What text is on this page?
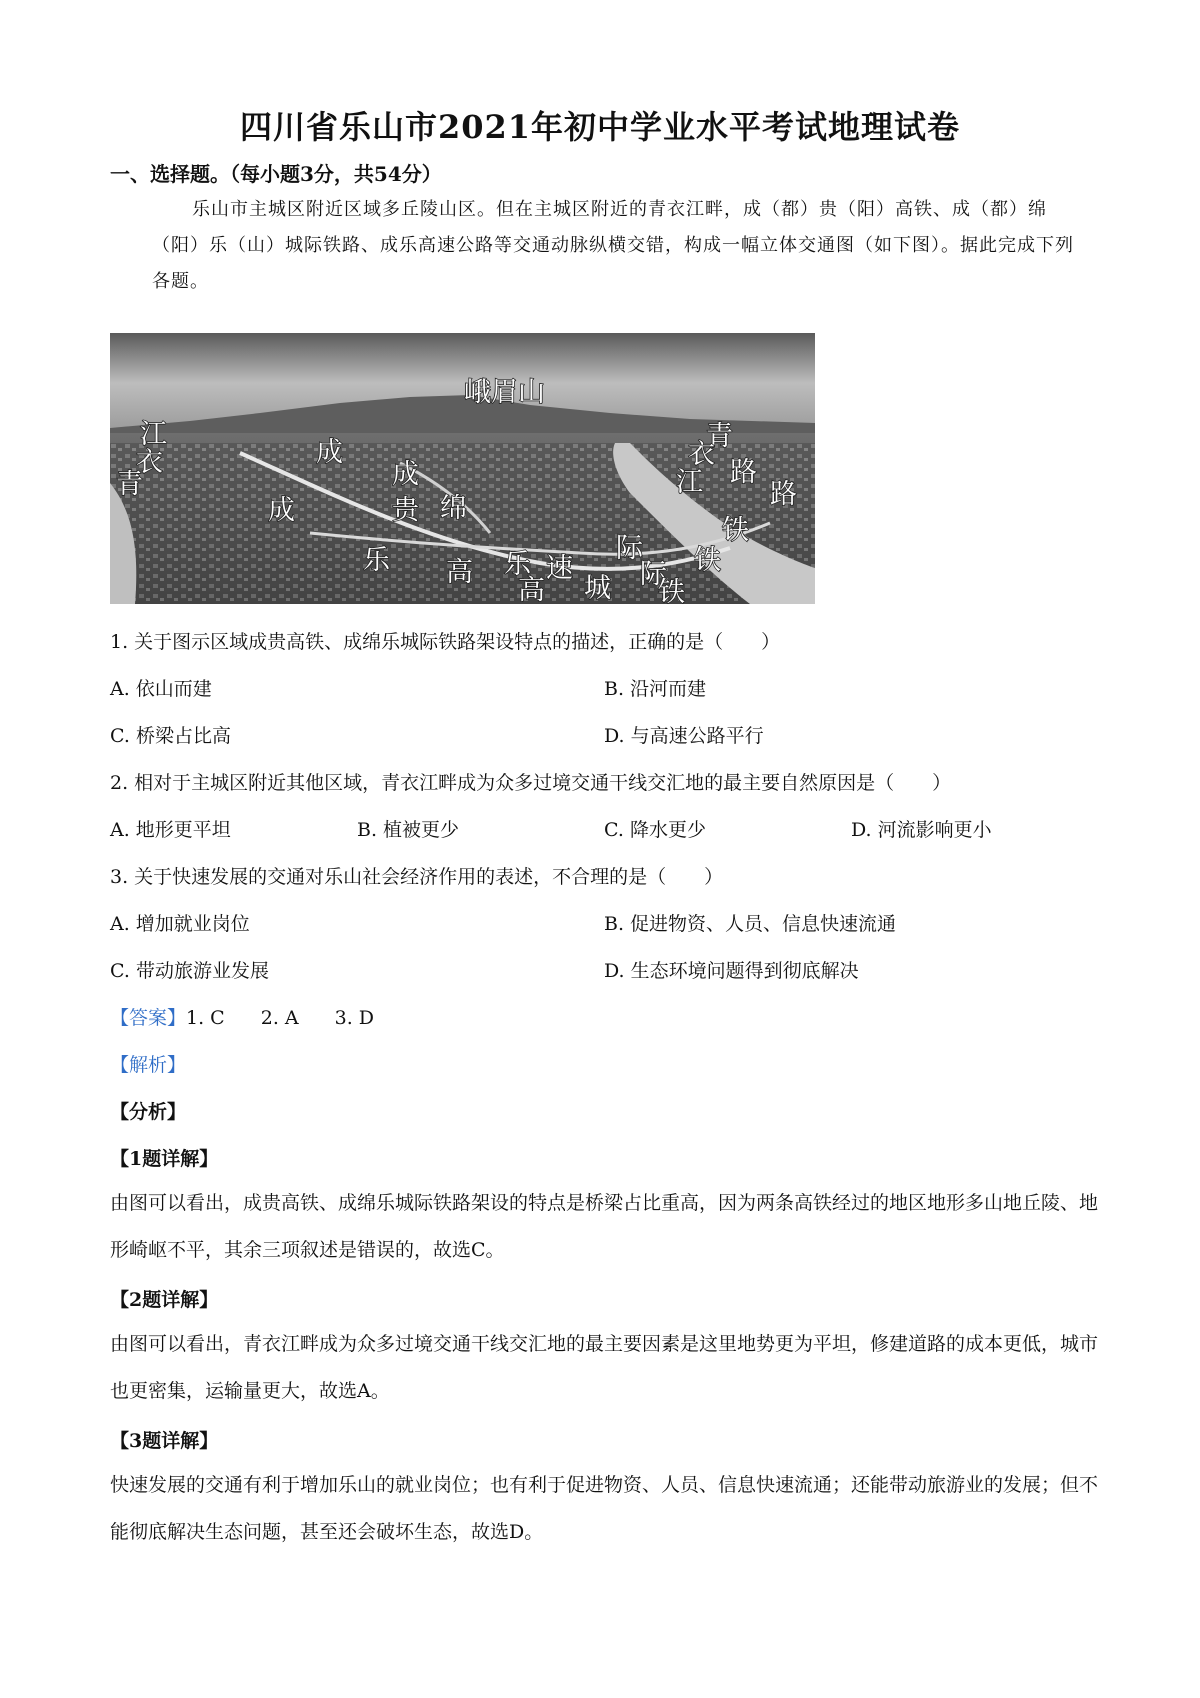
四川省乐山市2021年初中学业水平考试地理试卷
一、选择题。（每小题3分，共54分）
乐山市主城区附近区域多丘陵山区。但在主城区附近的青衣江畔，成（都）贵（阳）高铁、成（都）绵（阳）乐（山）城际铁路、成乐高速公路等交通动脉纵横交错，构成一幅立体交通图（如下图）。据此完成下列各题。
峨眉山
江
衣
青
成
成
成
贵 绵
乐 高 乐
高
速
城
际
际
铁
青
衣
江 路
路
铁
铁
1. 关于图示区域成贵高铁、成绵乐城际铁路架设特点的描述，正确的是（　　）
A. 依山而建	B. 沿河而建
C. 桥梁占比高	D. 与高速公路平行
2. 相对于主城区附近其他区域，青衣江畔成为众多过境交通干线交汇地的最主要自然原因是（　　）
A. 地形更平坦	B. 植被更少	C. 降水更少	D. 河流影响更小
3. 关于快速发展的交通对乐山社会经济作用的表述，不合理的是（　　）
A. 增加就业岗位	B. 促进物资、人员、信息快速流通
C. 带动旅游业发展	D. 生态环境问题得到彻底解决
【答案】1. C 2. A 3. D
【解析】
【分析】
【1题详解】
由图可以看出，成贵高铁、成绵乐城际铁路架设的特点是桥梁占比重高，因为两条高铁经过的地区地形多山地丘陵、地形崎岖不平，其余三项叙述是错误的，故选C。
【2题详解】
由图可以看出，青衣江畔成为众多过境交通干线交汇地的最主要因素是这里地势更为平坦，修建道路的成本更低，城市也更密集，运输量更大，故选A。
【3题详解】
快速发展的交通有利于增加乐山的就业岗位；也有利于促进物资、人员、信息快速流通；还能带动旅游业的发展；但不能彻底解决生态问题，甚至还会破坏生态，故选D。
